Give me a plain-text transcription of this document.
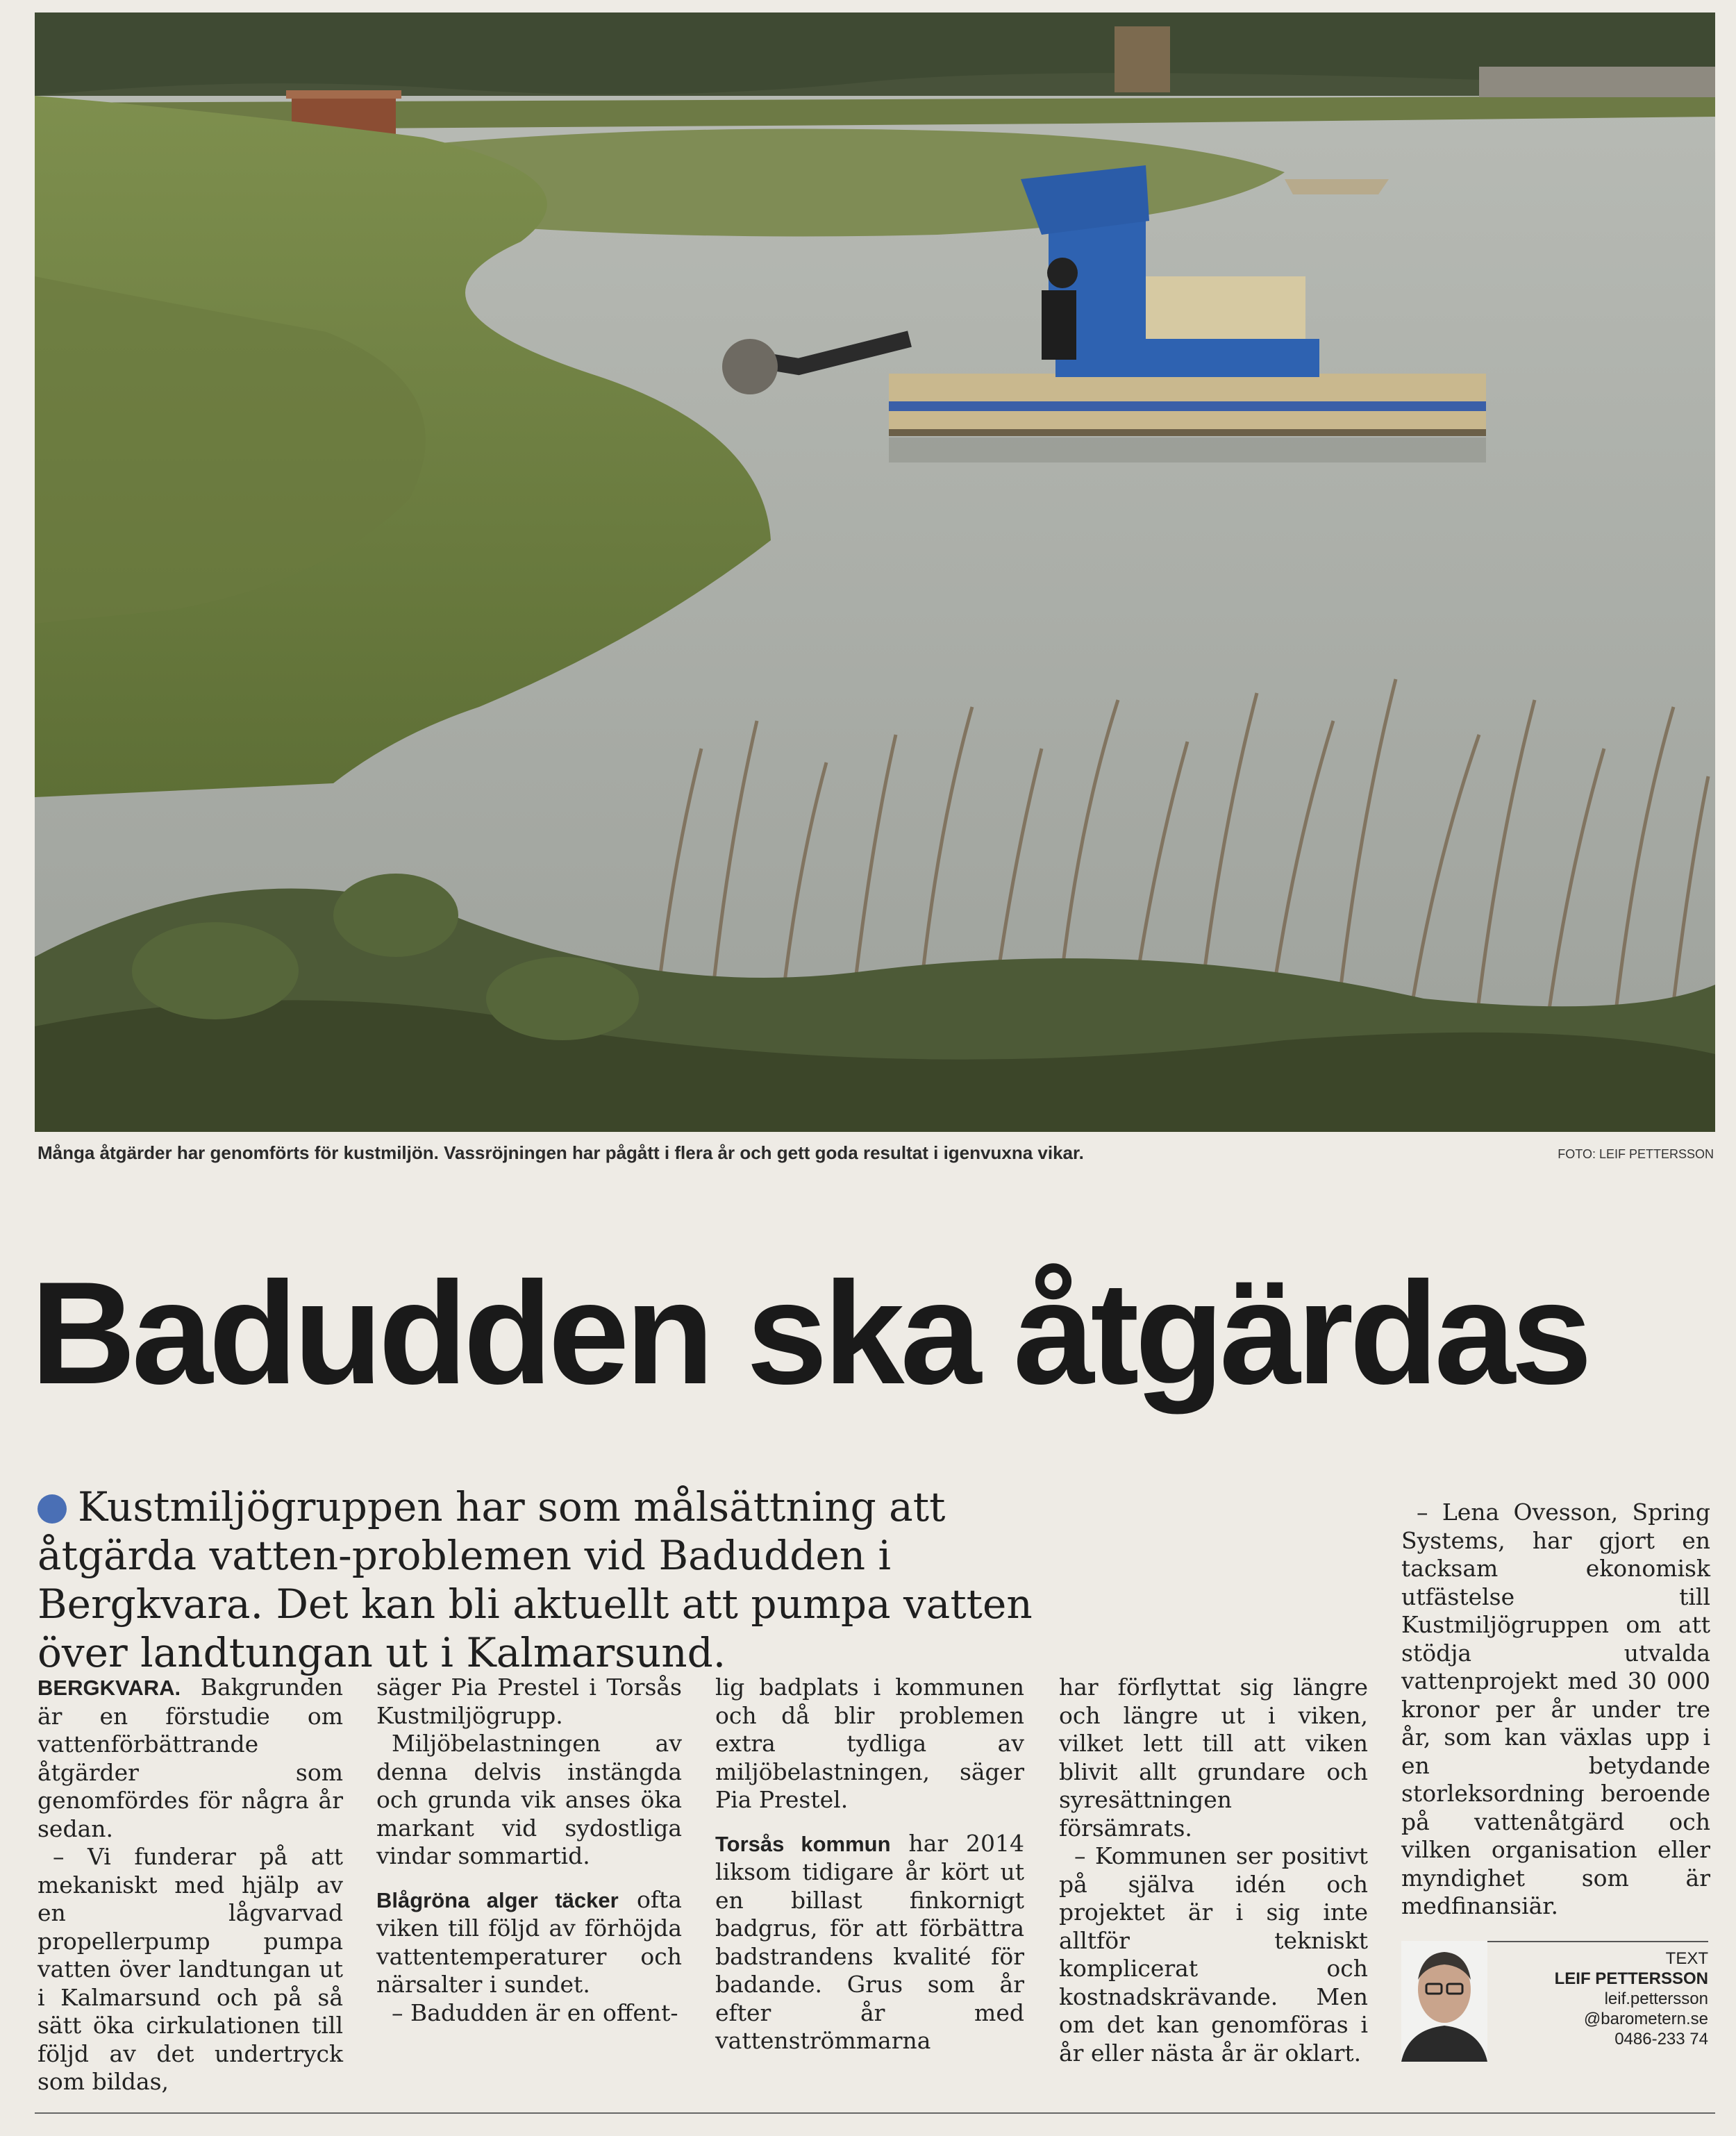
Många åtgärder har genomförts för kustmiljön. Vassröjningen har pågått i flera år och gett goda resultat i igenvuxna vikar.	FOTO: LEIF PETTERSSON
Badudden ska åtgärdas
Kustmiljögruppen har som målsättning att åtgärda vatten-problemen vid Badudden i Bergkvara. Det kan bli aktuellt att pumpa vatten över landtungan ut i Kalmarsund.

BERGKVARA. Bakgrunden är en förstudie om vattenförbättrande åtgärder som genomfördes för några år sedan.

– Vi funderar på att mekaniskt med hjälp av en lågvarvad propellerpump pumpa vatten över landtungan ut i Kalmarsund och på så sätt öka cirkulationen till följd av det undertryck som bildas,

säger Pia Prestel i Torsås Kustmiljögrupp.

Miljöbelastningen av denna delvis instängda och grunda vik anses öka markant vid sydostliga vindar sommartid.

Blågröna alger täcker ofta viken till följd av förhöjda vattentemperaturer och närsalter i sundet.

– Badudden är en offent-

lig badplats i kommunen och då blir problemen extra tydliga av miljöbelastningen, säger Pia Prestel.

Torsås kommun har 2014 liksom tidigare år kört ut en billast finkornigt badgrus, för att förbättra badstrandens kvalité för badande. Grus som år efter år med vattenströmmarna

har förflyttat sig längre och längre ut i viken, vilket lett till att viken blivit allt grundare och syresättningen försämrats.

– Kommunen ser positivt på själva idén och projektet är i sig inte alltför tekniskt komplicerat och kostnadskrävande. Men om det kan genomföras i år eller nästa år är oklart.

– Lena Ovesson, Spring Systems, har gjort en tacksam ekonomisk utfästelse till Kustmiljögruppen om att stödja utvalda vattenprojekt med 30 000 kronor per år under tre år, som kan växlas upp i en betydande storleksordning beroende på vattenåtgärd och vilken organisation eller myndighet som är medfinansiär.

TEXT
LEIF PETTERSSON
leif.pettersson
@barometern.se
0486-233 74
